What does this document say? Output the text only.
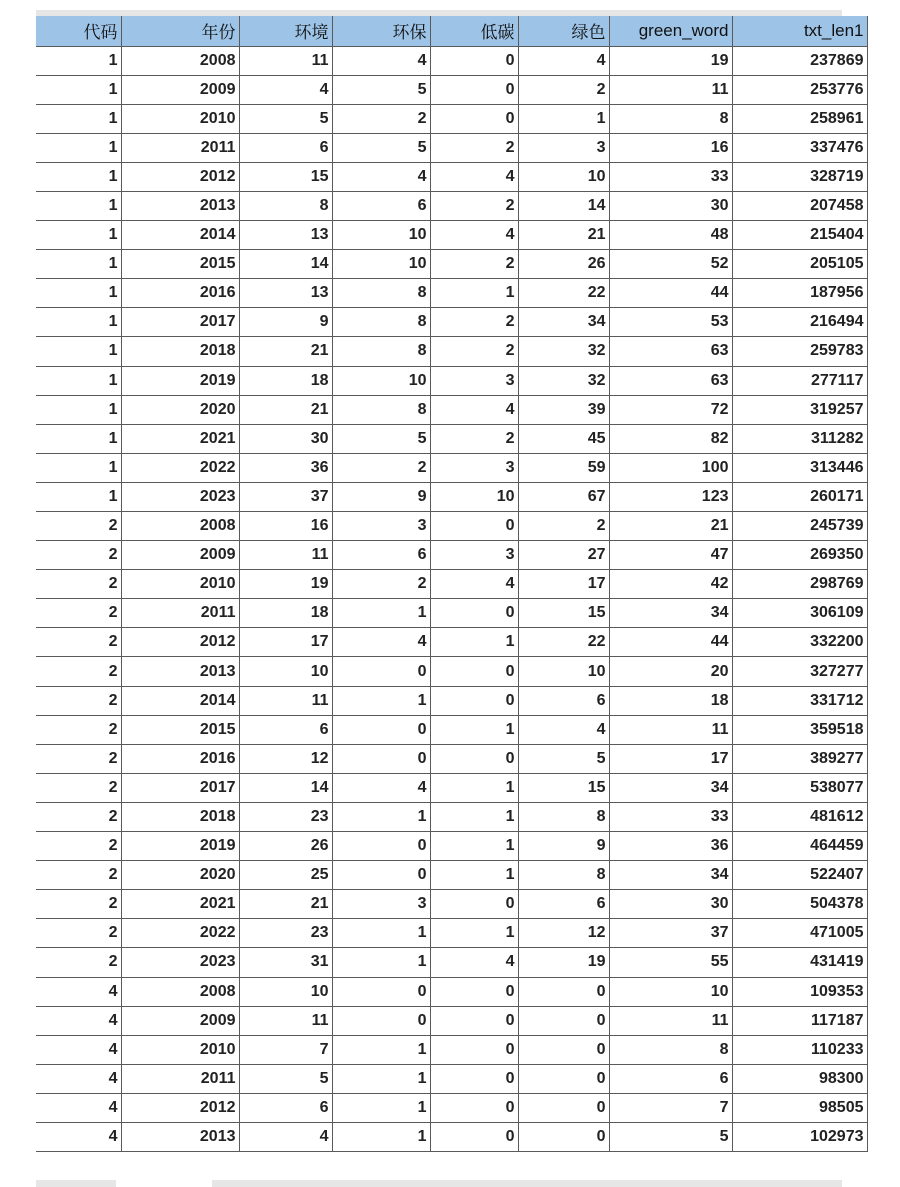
代码	年份	环境	环保	低碳	绿色	green_word	txt_len1
1	2008	11	4	0	4	19	237869
1	2009	4	5	0	2	11	253776
1	2010	5	2	0	1	8	258961
1	2011	6	5	2	3	16	337476
1	2012	15	4	4	10	33	328719
1	2013	8	6	2	14	30	207458
1	2014	13	10	4	21	48	215404
1	2015	14	10	2	26	52	205105
1	2016	13	8	1	22	44	187956
1	2017	9	8	2	34	53	216494
1	2018	21	8	2	32	63	259783
1	2019	18	10	3	32	63	277117
1	2020	21	8	4	39	72	319257
1	2021	30	5	2	45	82	311282
1	2022	36	2	3	59	100	313446
1	2023	37	9	10	67	123	260171
2	2008	16	3	0	2	21	245739
2	2009	11	6	3	27	47	269350
2	2010	19	2	4	17	42	298769
2	2011	18	1	0	15	34	306109
2	2012	17	4	1	22	44	332200
2	2013	10	0	0	10	20	327277
2	2014	11	1	0	6	18	331712
2	2015	6	0	1	4	11	359518
2	2016	12	0	0	5	17	389277
2	2017	14	4	1	15	34	538077
2	2018	23	1	1	8	33	481612
2	2019	26	0	1	9	36	464459
2	2020	25	0	1	8	34	522407
2	2021	21	3	0	6	30	504378
2	2022	23	1	1	12	37	471005
2	2023	31	1	4	19	55	431419
4	2008	10	0	0	0	10	109353
4	2009	11	0	0	0	11	117187
4	2010	7	1	0	0	8	110233
4	2011	5	1	0	0	6	98300
4	2012	6	1	0	0	7	98505
4	2013	4	1	0	0	5	102973
